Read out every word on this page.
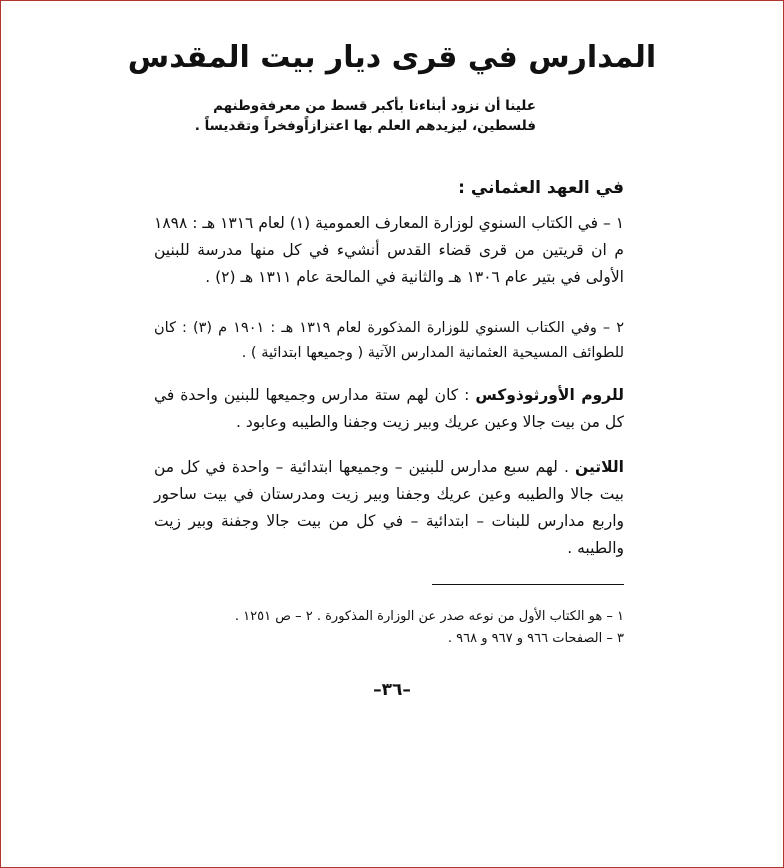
المدارس في قرى ديار بيت المقدس
علينا أن نزود أبناءنا بأكبر قسط من معرفةوطنهم
فلسطين، ليزيدهم العلم بها اعتزازاًوفخراً وتقديساً .
في العهد العثماني :
١ – في الكتاب السنوي لوزارة المعارف العمومية (١) لعام ١٣١٦ هـ : ١٨٩٨ م ان قريتين من قرى قضاء القدس أنشيء في كل منها مدرسة للبنين الأولى في بتير عام ١٣٠٦ هـ والثانية في المالحة عام ١٣١١ هـ (٢) .
٢ – وفي الكتاب السنوي للوزارة المذكورة لعام ١٣١٩ هـ : ١٩٠١ م (٣) : كان للطوائف المسيحية العثمانية المدارس الآتية ( وجميعها ابتدائية ) .
للروم الأورثوذوكس : كان لهم ستة مدارس وجميعها للبنين واحدة في كل من بيت جالا وعين عريك وبير زيت وجفنا والطيبه وعابود .
اللاتين . لهم سبع مدارس للبنين – وجميعها ابتدائية – واحدة في كل من بيت جالا والطيبه وعين عريك وجفنا وبير زيت ومدرستان في بيت ساحور واربع مدارس للبنات – ابتدائية – في كل من بيت جالا وجفنة وبير زيت والطيبه .
١ – هو الكتاب الأول من نوعه صدر عن الوزارة المذكورة . ٢ – ص ١٢٥١ .
٣ – الصفحات ٩٦٦ و ٩٦٧ و ٩٦٨ .
–٣٦–
